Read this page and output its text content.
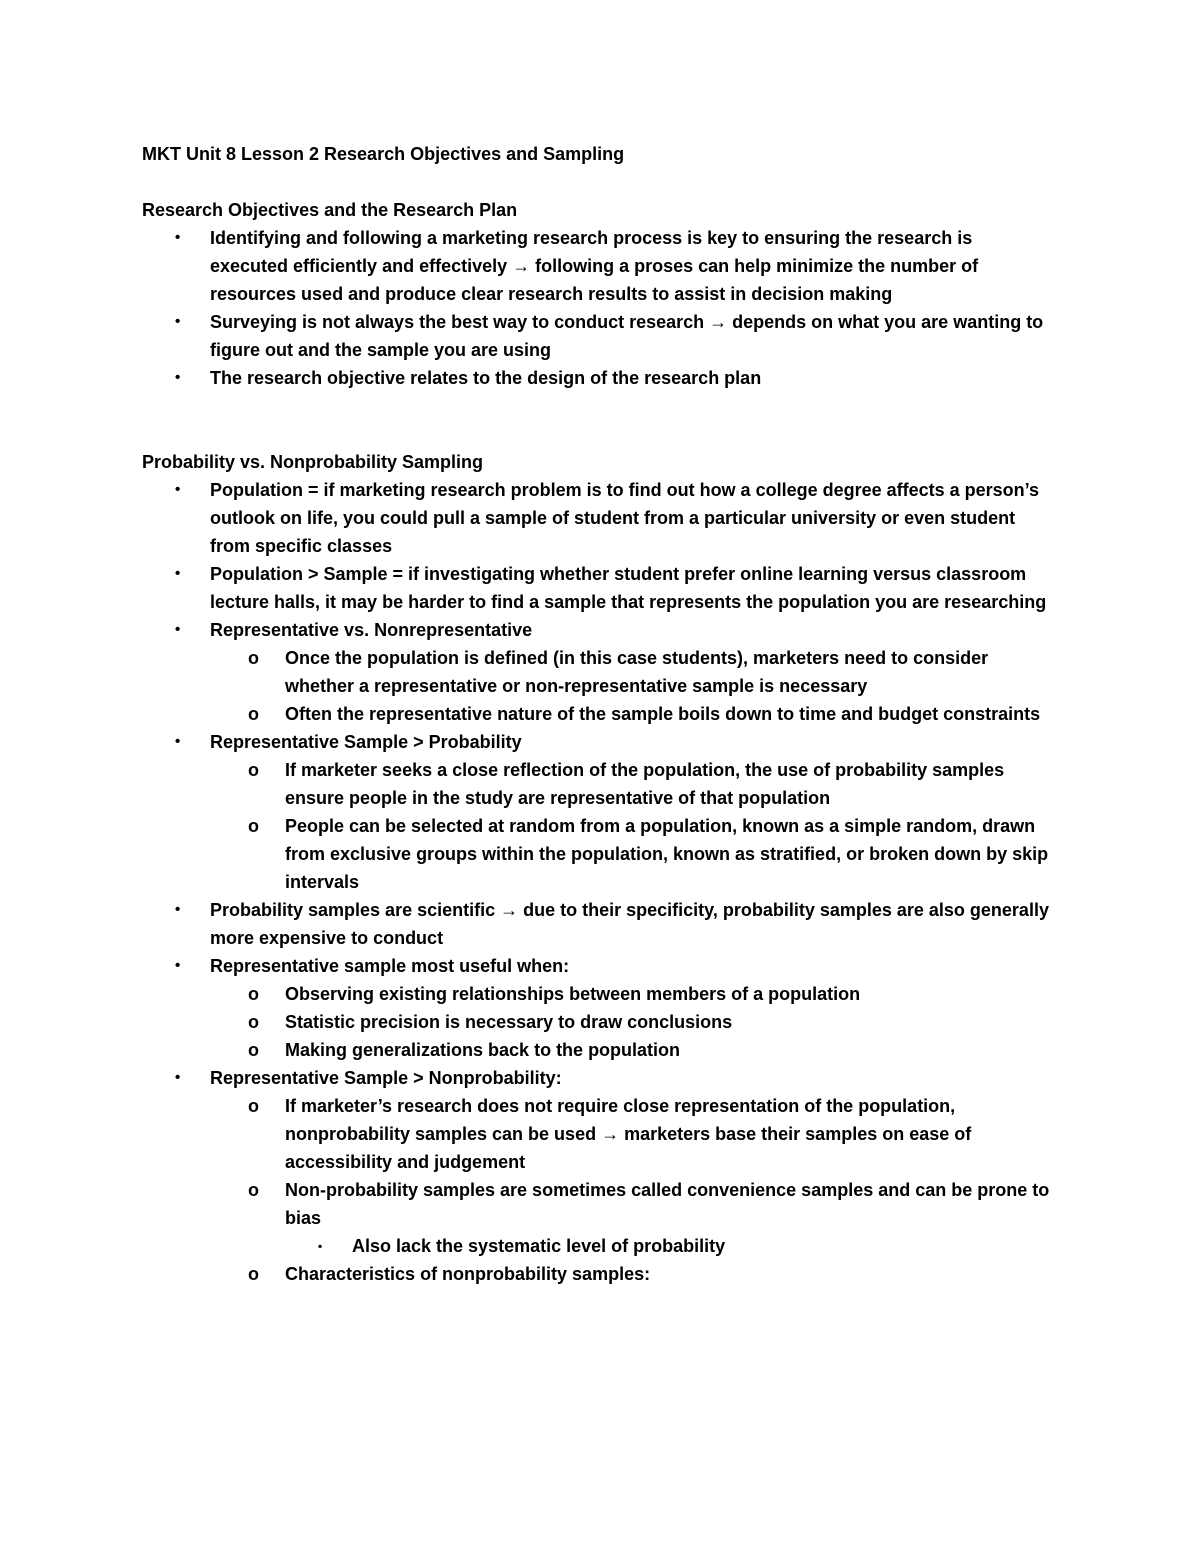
MKT Unit 8 Lesson 2 Research Objectives and Sampling
Research Objectives and the Research Plan
•	Identifying and following a marketing research process is key to ensuring the research is executed efficiently and effectively → following a proses can help minimize the number of resources used and produce clear research results to assist in decision making
•	Surveying is not always the best way to conduct research → depends on what you are wanting to figure out and the sample you are using
•	The research objective relates to the design of the research plan
Probability vs. Nonprobability Sampling
•	Population = if marketing research problem is to find out how a college degree affects a person’s outlook on life, you could pull a sample of student from a particular university or even student from specific classes
•	Population > Sample = if investigating whether student prefer online learning versus classroom lecture halls, it may be harder to find a sample that represents the population you are researching
•	Representative vs. Nonrepresentative
o	Once the population is defined (in this case students), marketers need to consider whether a representative or non-representative sample is necessary
o	Often the representative nature of the sample boils down to time and budget constraints
•	Representative Sample > Probability
o	If marketer seeks a close reflection of the population, the use of probability samples ensure people in the study are representative of that population
o	People can be selected at random from a population, known as a simple random, drawn from exclusive groups within the population, known as stratified, or broken down by skip intervals
•	Probability samples are scientific → due to their specificity, probability samples are also generally more expensive to conduct
•	Representative sample most useful when:
o	Observing existing relationships between members of a population
o	Statistic precision is necessary to draw conclusions
o	Making generalizations back to the population
•	Representative Sample > Nonprobability:
o	If marketer’s research does not require close representation of the population, nonprobability samples can be used → marketers base their samples on ease of accessibility and judgement
o	Non-probability samples are sometimes called convenience samples and can be prone to bias
▪	Also lack the systematic level of probability
o	Characteristics of nonprobability samples:
